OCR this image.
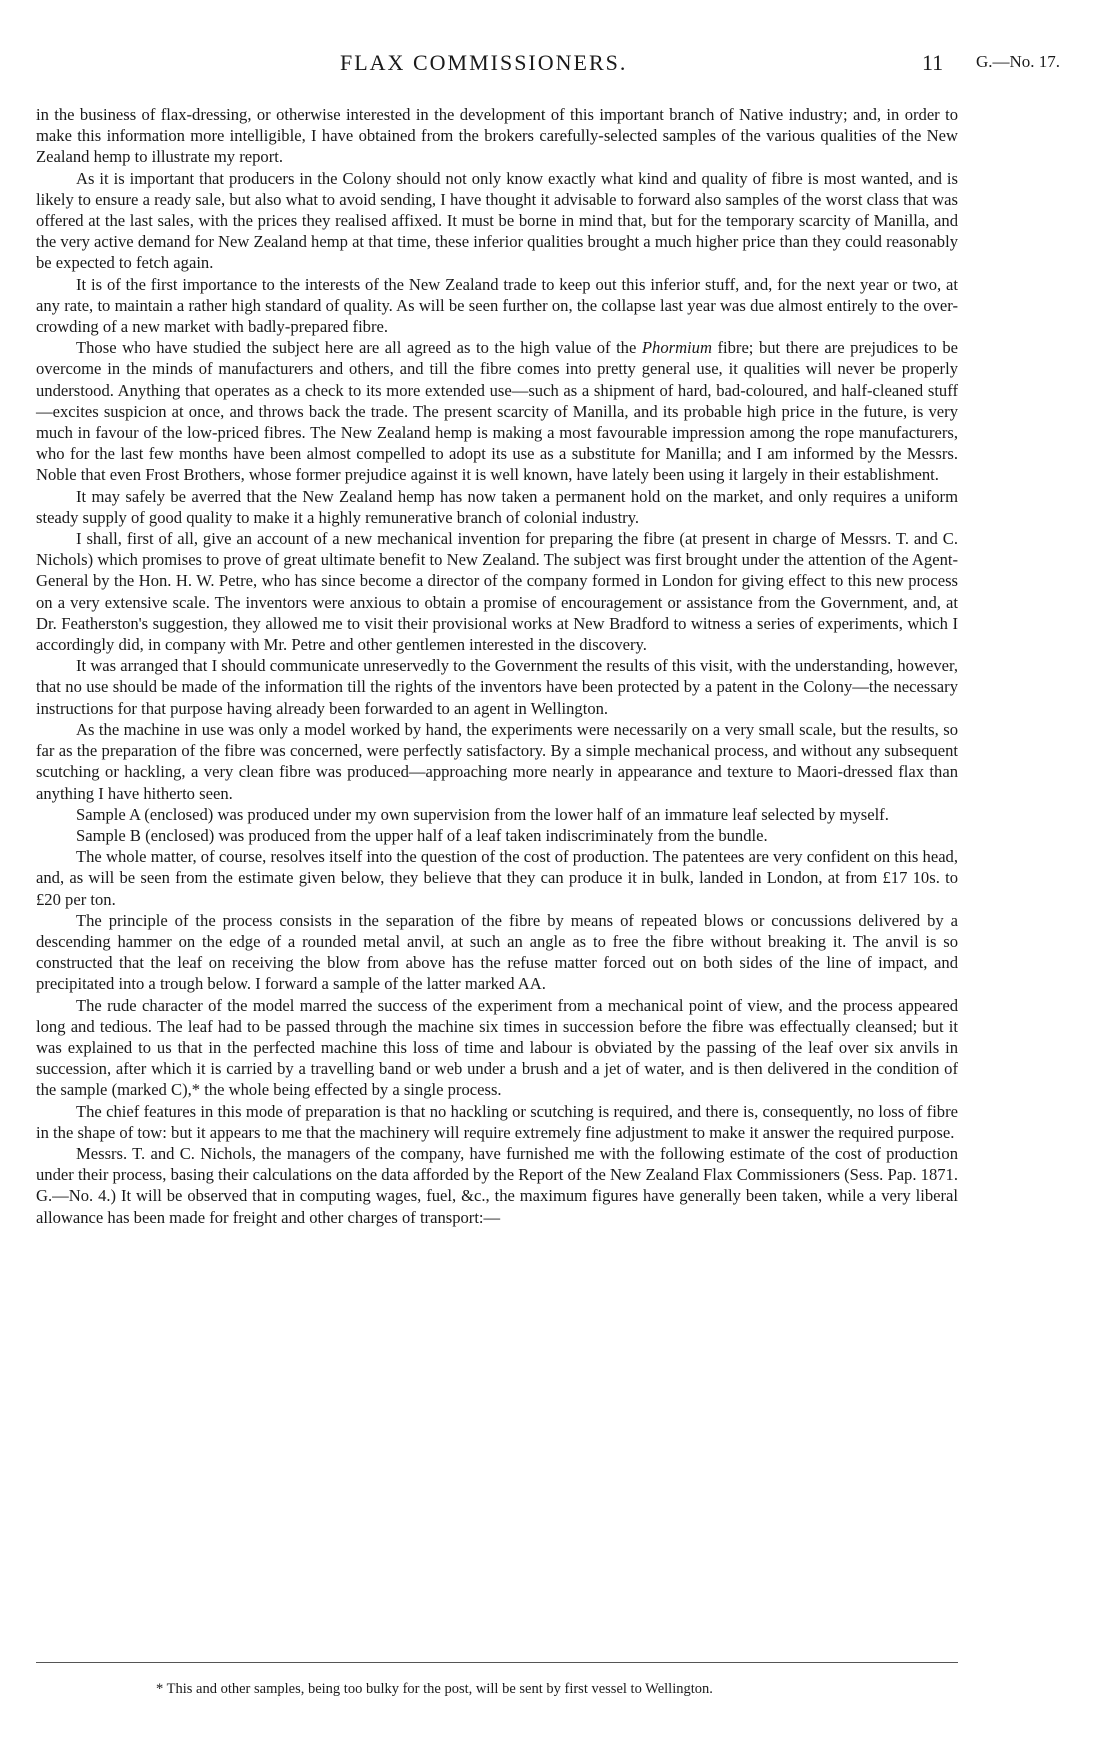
FLAX COMMISSIONERS.	11 G.—No. 17.

in the business of flax-dressing, or otherwise interested in the development of this important branch of Native industry; and, in order to make this information more intelligible, I have obtained from the brokers carefully-selected samples of the various qualities of the New Zealand hemp to illustrate my report.

As it is important that producers in the Colony should not only know exactly what kind and quality of fibre is most wanted, and is likely to ensure a ready sale, but also what to avoid sending, I have thought it advisable to forward also samples of the worst class that was offered at the last sales, with the prices they realised affixed. It must be borne in mind that, but for the temporary scarcity of Manilla, and the very active demand for New Zealand hemp at that time, these inferior qualities brought a much higher price than they could reasonably be expected to fetch again.

It is of the first importance to the interests of the New Zealand trade to keep out this inferior stuff, and, for the next year or two, at any rate, to maintain a rather high standard of quality. As will be seen further on, the collapse last year was due almost entirely to the over-crowding of a new market with badly-prepared fibre.

Those who have studied the subject here are all agreed as to the high value of the Phormium fibre; but there are prejudices to be overcome in the minds of manufacturers and others, and till the fibre comes into pretty general use, it qualities will never be properly understood. Anything that operates as a check to its more extended use—such as a shipment of hard, bad-coloured, and half-cleaned stuff—excites suspicion at once, and throws back the trade. The present scarcity of Manilla, and its probable high price in the future, is very much in favour of the low-priced fibres. The New Zealand hemp is making a most favourable impression among the rope manufacturers, who for the last few months have been almost compelled to adopt its use as a substitute for Manilla; and I am informed by the Messrs. Noble that even Frost Brothers, whose former prejudice against it is well known, have lately been using it largely in their establishment.

It may safely be averred that the New Zealand hemp has now taken a permanent hold on the market, and only requires a uniform steady supply of good quality to make it a highly remunerative branch of colonial industry.

I shall, first of all, give an account of a new mechanical invention for preparing the fibre (at present in charge of Messrs. T. and C. Nichols) which promises to prove of great ultimate benefit to New Zealand. The subject was first brought under the attention of the Agent-General by the Hon. H. W. Petre, who has since become a director of the company formed in London for giving effect to this new process on a very extensive scale. The inventors were anxious to obtain a promise of encouragement or assistance from the Government, and, at Dr. Featherston's suggestion, they allowed me to visit their provisional works at New Bradford to witness a series of experiments, which I accordingly did, in company with Mr. Petre and other gentlemen interested in the discovery.

It was arranged that I should communicate unreservedly to the Government the results of this visit, with the understanding, however, that no use should be made of the information till the rights of the inventors have been protected by a patent in the Colony—the necessary instructions for that purpose having already been forwarded to an agent in Wellington.

As the machine in use was only a model worked by hand, the experiments were necessarily on a very small scale, but the results, so far as the preparation of the fibre was concerned, were perfectly satisfactory. By a simple mechanical process, and without any subsequent scutching or hackling, a very clean fibre was produced—approaching more nearly in appearance and texture to Maori-dressed flax than anything I have hitherto seen.

Sample A (enclosed) was produced under my own supervision from the lower half of an immature leaf selected by myself.

Sample B (enclosed) was produced from the upper half of a leaf taken indiscriminately from the bundle.

The whole matter, of course, resolves itself into the question of the cost of production. The patentees are very confident on this head, and, as will be seen from the estimate given below, they believe that they can produce it in bulk, landed in London, at from £17 10s. to £20 per ton.

The principle of the process consists in the separation of the fibre by means of repeated blows or concussions delivered by a descending hammer on the edge of a rounded metal anvil, at such an angle as to free the fibre without breaking it. The anvil is so constructed that the leaf on receiving the blow from above has the refuse matter forced out on both sides of the line of impact, and precipitated into a trough below. I forward a sample of the latter marked AA.

The rude character of the model marred the success of the experiment from a mechanical point of view, and the process appeared long and tedious. The leaf had to be passed through the machine six times in succession before the fibre was effectually cleansed; but it was explained to us that in the perfected machine this loss of time and labour is obviated by the passing of the leaf over six anvils in succession, after which it is carried by a travelling band or web under a brush and a jet of water, and is then delivered in the condition of the sample (marked C),* the whole being effected by a single process.

The chief features in this mode of preparation is that no hackling or scutching is required, and there is, consequently, no loss of fibre in the shape of tow: but it appears to me that the machinery will require extremely fine adjustment to make it answer the required purpose.

Messrs. T. and C. Nichols, the managers of the company, have furnished me with the following estimate of the cost of production under their process, basing their calculations on the data afforded by the Report of the New Zealand Flax Commissioners (Sess. Pap. 1871. G.—No. 4.) It will be observed that in computing wages, fuel, &c., the maximum figures have generally been taken, while a very liberal allowance has been made for freight and other charges of transport:—

* This and other samples, being too bulky for the post, will be sent by first vessel to Wellington.
